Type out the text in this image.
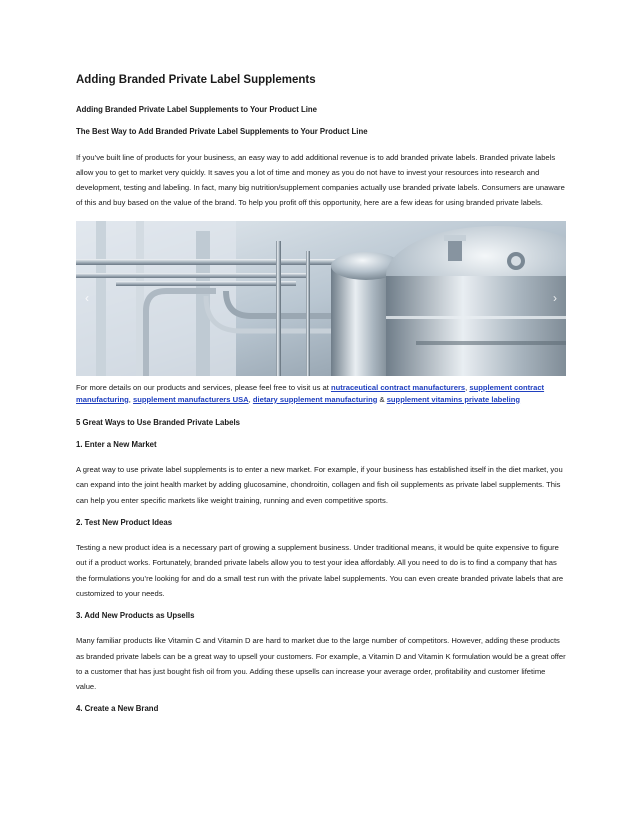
Adding Branded Private Label Supplements
Adding Branded Private Label Supplements to Your Product Line
The Best Way to Add Branded Private Label Supplements to Your Product Line
If you’ve built line of products for your business, an easy way to add additional revenue is to add branded private labels. Branded private labels allow you to get to market very quickly. It saves you a lot of time and money as you do not have to invest your resources into research and development, testing and labeling. In fact, many big nutrition/supplement companies actually use branded private labels. Consumers are unaware of this and buy based on the value of the brand. To help you profit off this opportunity, here are a few ideas for using branded private labels.
‹	›
For more details on our products and services, please feel free to visit us at nutraceutical contract manufacturers, supplement contract manufacturing, supplement manufacturers USA, dietary supplement manufacturing & supplement vitamins private labeling
5 Great Ways to Use Branded Private Labels
1. Enter a New Market
A great way to use private label supplements is to enter a new market. For example, if your business has established itself in the diet market, you can expand into the joint health market by adding glucosamine, chondroitin, collagen and fish oil supplements as private label supplements. This can help you enter specific markets like weight training, running and even competitive sports.
2. Test New Product Ideas
Testing a new product idea is a necessary part of growing a supplement business. Under traditional means, it would be quite expensive to figure out if a product works. Fortunately, branded private labels allow you to test your idea affordably. All you need to do is to find a company that has the formulations you’re looking for and do a small test run with the private label supplements. You can even create branded private labels that are customized to your needs.
3. Add New Products as Upsells
Many familiar products like Vitamin C and Vitamin D are hard to market due to the large number of competitors. However, adding these products as branded private labels can be a great way to upsell your customers. For example, a Vitamin D and Vitamin K formulation would be a great offer to a customer that has just bought fish oil from you. Adding these upsells can increase your average order, profitability and customer lifetime value.
4. Create a New Brand
